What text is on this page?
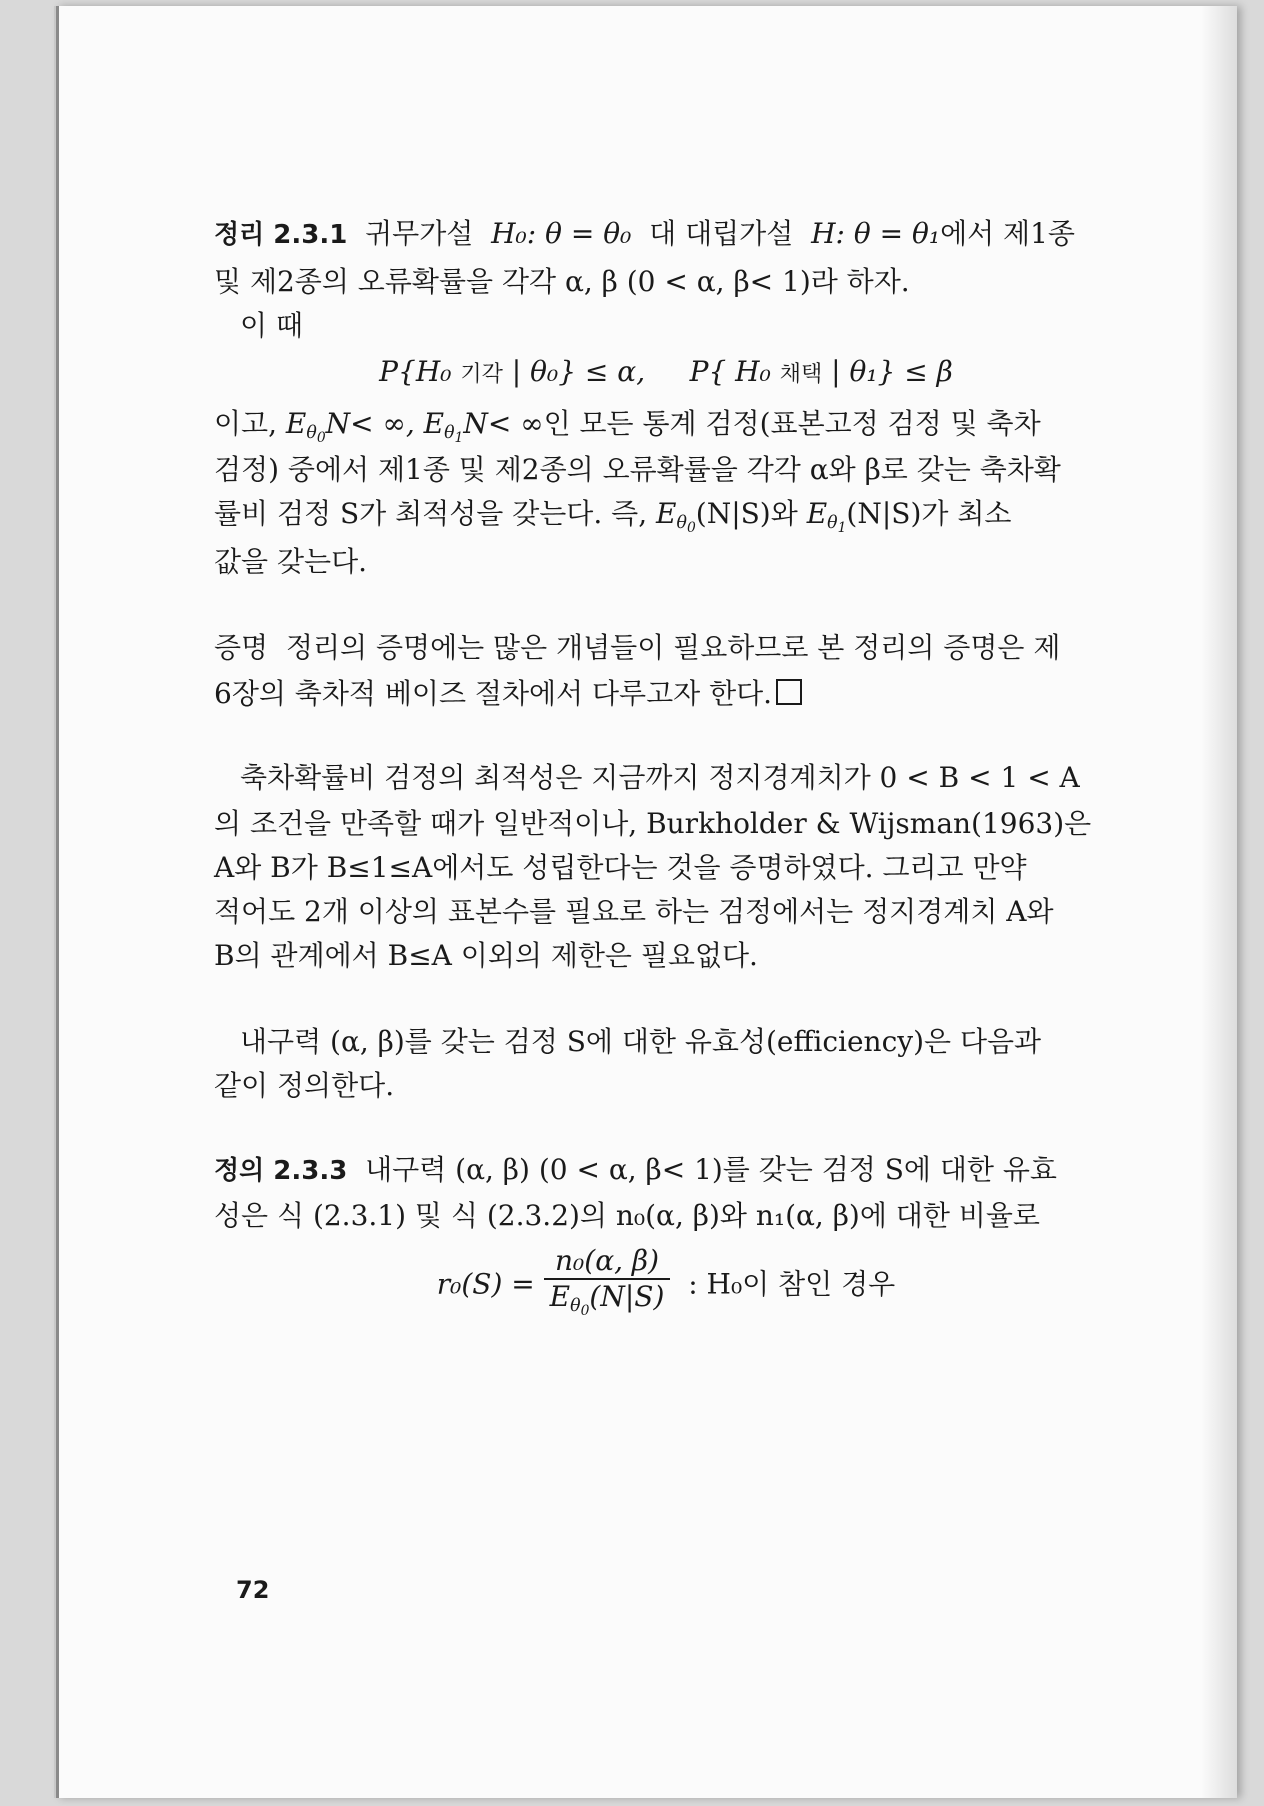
정리 2.3.1 귀무가설 H₀: θ = θ₀ 대 대립가설 H: θ = θ₁에서 제1종

및 제2종의 오류확률을 각각 α, β (0 < α, β< 1)라 하자.

이 때

P{H₀ 기각 | θ₀} ≤ α, P{ H₀ 채택 | θ₁} ≤ β

이고, $E_{\theta_0}N<$ ∞, $E_{\theta_1}N<$ ∞인 모든 통계 검정(표본고정 검정 및 축차

검정) 중에서 제1종 및 제2종의 오류확률을 각각 α와 β로 갖는 축차확

률비 검정 S가 최적성을 갖는다. 즉, $E_{\theta_0}(N|S)$와 $E_{\theta_1}(N|S)$가 최소

값을 갖는다.

증명 정리의 증명에는 많은 개념들이 필요하므로 본 정리의 증명은 제

6장의 축차적 베이즈 절차에서 다루고자 한다.

축차확률비 검정의 최적성은 지금까지 정지경계치가 0 < B < 1 < A

의 조건을 만족할 때가 일반적이나, Burkholder & Wijsman(1963)은

A와 B가 B≤1≤A에서도 성립한다는 것을 증명하였다. 그리고 만약

적어도 2개 이상의 표본수를 필요로 하는 검정에서는 정지경계치 A와

B의 관계에서 B≤A 이외의 제한은 필요없다.

내구력 (α, β)를 갖는 검정 S에 대한 유효성(efficiency)은 다음과

같이 정의한다.

정의 2.3.3 내구력 (α, β) (0 < α, β< 1)를 갖는 검정 S에 대한 유효

성은 식 (2.3.1) 및 식 (2.3.2)의 n₀(α, β)와 n₁(α, β)에 대한 비율로

$r_0(S) = \frac{\text{n₀(α, β)}}{E_{\theta_0}(N|S)}$ : H₀이 참인 경우
72
